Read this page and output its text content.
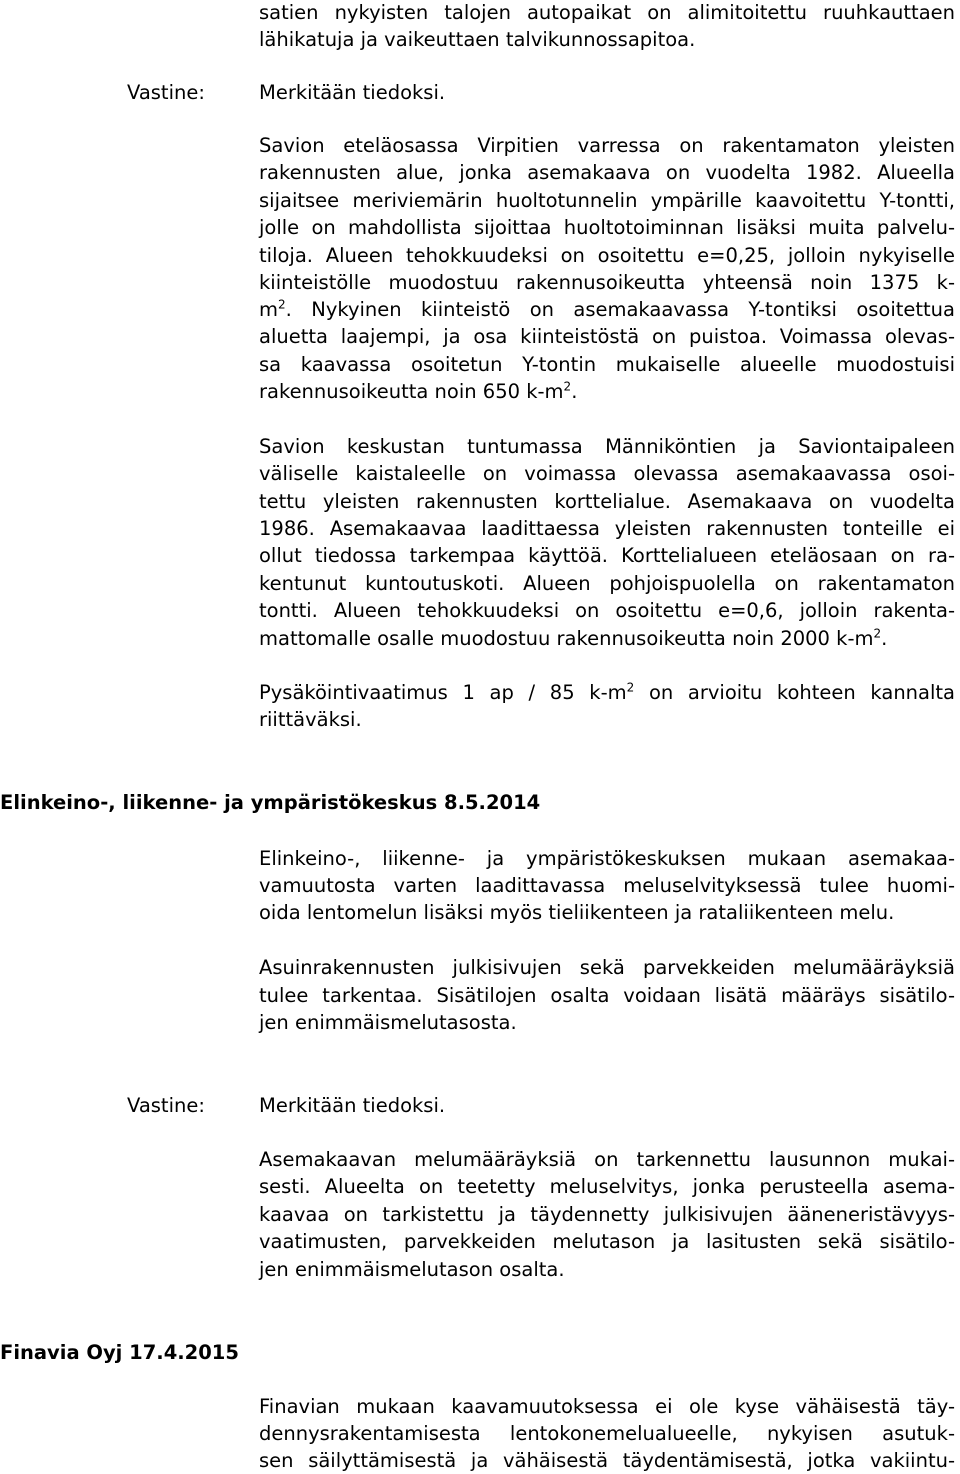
satien nykyisten talojen autopaikat on alimitoitettu ruuhkauttaen
lähikatuja ja vaikeuttaen talvikunnossapitoa.
Vastine:	Merkitään tiedoksi.
Savion eteläosassa Virpitien varressa on rakentamaton yleisten
rakennusten alue, jonka asemakaava on vuodelta 1982. Alueella
sijaitsee meriviemärin huoltotunnelin ympärille kaavoitettu Y-tontti,
jolle on mahdollista sijoittaa huoltotoiminnan lisäksi muita palvelu-
tiloja. Alueen tehokkuudeksi on osoitettu e=0,25, jolloin nykyiselle
kiinteistölle muodostuu rakennusoikeutta yhteensä noin 1375 k-
$m^2$. Nykyinen kiinteistö on asemakaavassa Y-tontiksi osoitettua
aluetta laajempi, ja osa kiinteistöstä on puistoa. Voimassa olevas-
sa kaavassa osoitetun Y-tontin mukaiselle alueelle muodostuisi
rakennusoikeutta noin 650 $k-m^2$.
Savion keskustan tuntumassa Männiköntien ja Saviontaipaleen
väliselle kaistaleelle on voimassa olevassa asemakaavassa osoi-
tettu yleisten rakennusten korttelialue. Asemakaava on vuodelta
1986. Asemakaavaa laadittaessa yleisten rakennusten tonteille ei
ollut tiedossa tarkempaa käyttöä. Korttelialueen eteläosaan on ra-
kentunut kuntoutuskoti. Alueen pohjoispuolella on rakentamaton
tontti. Alueen tehokkuudeksi on osoitettu e=0,6, jolloin rakenta-
mattomalle osalle muodostuu rakennusoikeutta noin 2000 $k-m^2$.
Pysäköintivaatimus 1 ap / 85 $k-m^2$ on arvioitu kohteen kannalta
riittäväksi.
Elinkeino-, liikenne- ja ympäristökeskus 8.5.2014
Elinkeino-, liikenne- ja ympäristökeskuksen mukaan asemakaa-
vamuutosta varten laadittavassa meluselvityksessä tulee huomi-
oida lentomelun lisäksi myös tieliikenteen ja rataliikenteen melu.
Asuinrakennusten julkisivujen sekä parvekkeiden melumääräyksiä
tulee tarkentaa. Sisätilojen osalta voidaan lisätä määräys sisätilo-
jen enimmäismelutasosta.
Vastine:	Merkitään tiedoksi.
Asemakaavan melumääräyksiä on tarkennettu lausunnon mukai-
sesti. Alueelta on teetetty meluselvitys, jonka perusteella asema-
kaavaa on tarkistettu ja täydennetty julkisivujen ääneneristävyys-
vaatimusten, parvekkeiden melutason ja lasitusten sekä sisätilo-
jen enimmäismelutason osalta.
Finavia Oyj 17.4.2015
Finavian mukaan kaavamuutoksessa ei ole kyse vähäisestä täy-
dennysrakentamisesta lentokonemelualueelle, nykyisen asutuk-
sen säilyttämisestä ja vähäisestä täydentämisestä, jotka vakiintu-
